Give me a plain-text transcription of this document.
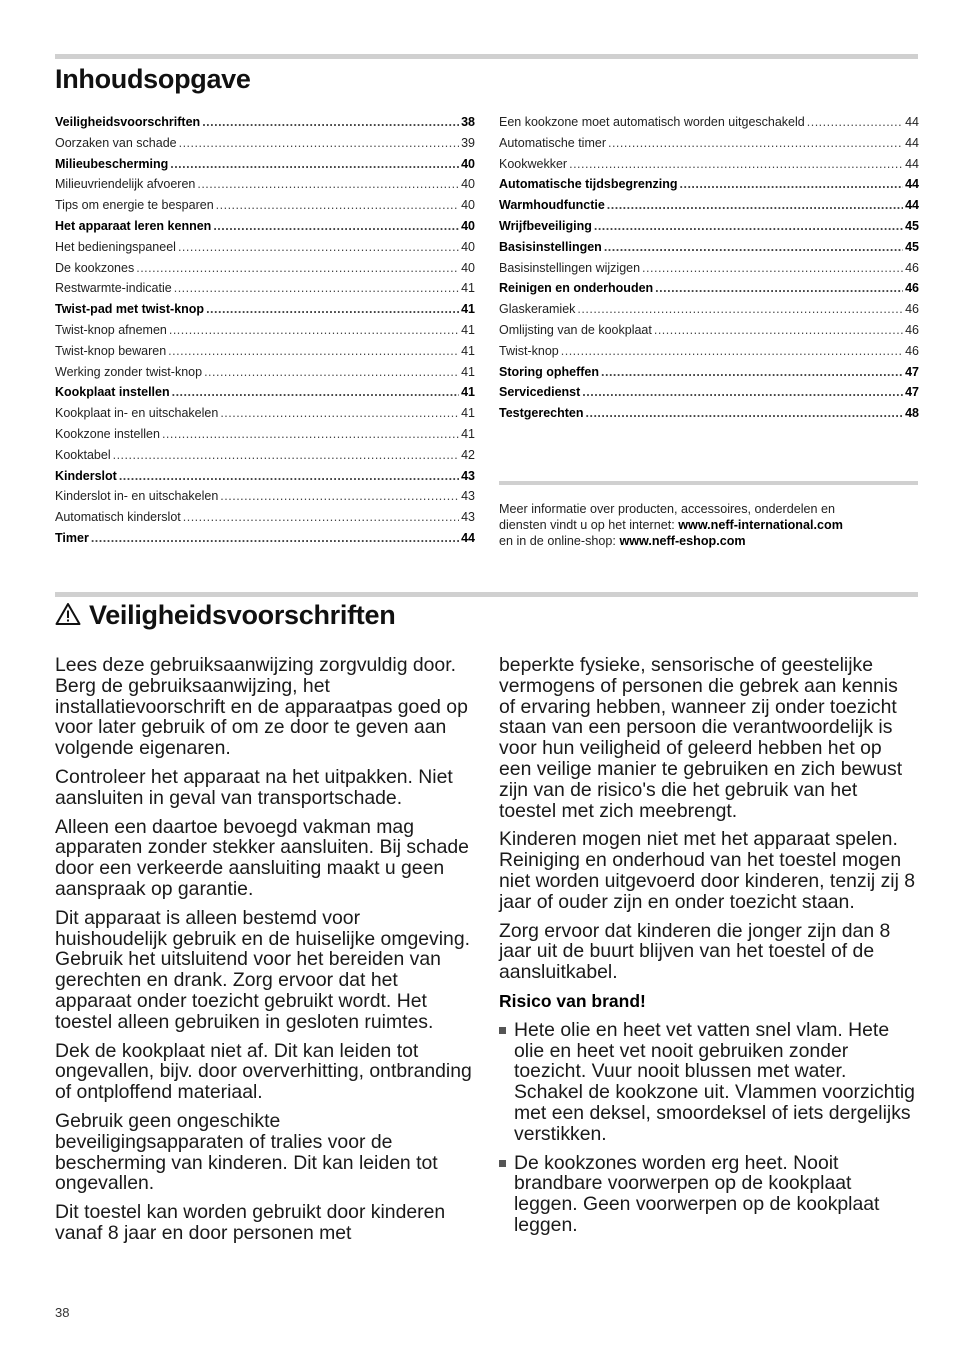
Inhoudsopgave
Veiligheidsvoorschriften .....	38
Oorzaken van schade .....	39
Milieubescherming .....	40
Milieuvriendelijk afvoeren .....	40
Tips om energie te besparen .....	40
Het apparaat leren kennen .....	40
Het bedieningspaneel .....	40
De kookzones .....	40
Restwarmte-indicatie .....	41
Twist-pad met twist-knop .....	41
Twist-knop afnemen .....	41
Twist-knop bewaren .....	41
Werking zonder twist-knop .....	41
Kookplaat instellen .....	41
Kookplaat in- en uitschakelen .....	41
Kookzone instellen .....	41
Kooktabel .....	42
Kinderslot .....	43
Kinderslot in- en uitschakelen .....	43
Automatisch kinderslot .....	43
Timer .....	44
Een kookzone moet automatisch worden uitgeschakeld .....	44
Automatische timer .....	44
Kookwekker .....	44
Automatische tijdsbegrenzing .....	44
Warmhoudfunctie .....	44
Wrijfbeveiliging .....	45
Basisinstellingen .....	45
Basisinstellingen wijzigen .....	46
Reinigen en onderhouden .....	46
Glaskeramiek .....	46
Omlijsting van de kookplaat .....	46
Twist-knop .....	46
Storing opheffen .....	47
Servicedienst .....	47
Testgerechten .....	48
Meer informatie over producten, accessoires, onderdelen en
diensten vindt u op het internet: www.neff-international.com
en in de online-shop: www.neff-eshop.com
Veiligheidsvoorschriften

Lees deze gebruiksaanwijzing zorgvuldig door. Berg de gebruiksaanwijzing, het installatievoorschrift en de apparaatpas goed op voor later gebruik of om ze door te geven aan volgende eigenaren.

Controleer het apparaat na het uitpakken. Niet aansluiten in geval van transportschade.

Alleen een daartoe bevoegd vakman mag apparaten zonder stekker aansluiten. Bij schade door een verkeerde aansluiting maakt u geen aanspraak op garantie.

Dit apparaat is alleen bestemd voor huishoudelijk gebruik en de huiselijke omgeving. Gebruik het uitsluitend voor het bereiden van gerechten en drank. Zorg ervoor dat het apparaat onder toezicht gebruikt wordt. Het toestel alleen gebruiken in gesloten ruimtes.

Dek de kookplaat niet af. Dit kan leiden tot ongevallen, bijv. door oververhitting, ontbranding of ontploffend materiaal.

Gebruik geen ongeschikte beveiligingsapparaten of tralies voor de bescherming van kinderen. Dit kan leiden tot ongevallen.

Dit toestel kan worden gebruikt door kinderen vanaf 8 jaar en door personen met

beperkte fysieke, sensorische of geestelijke vermogens of personen die gebrek aan kennis of ervaring hebben, wanneer zij onder toezicht staan van een persoon die verantwoordelijk is voor hun veiligheid of geleerd hebben het op een veilige manier te gebruiken en zich bewust zijn van de risico's die het gebruik van het toestel met zich meebrengt.

Kinderen mogen niet met het apparaat spelen. Reiniging en onderhoud van het toestel mogen niet worden uitgevoerd door kinderen, tenzij zij 8 jaar of ouder zijn en onder toezicht staan.

Zorg ervoor dat kinderen die jonger zijn dan 8 jaar uit de buurt blijven van het toestel of de aansluitkabel.

Risico van brand!
Hete olie en heet vet vatten snel vlam. Hete olie en heet vet nooit gebruiken zonder toezicht. Vuur nooit blussen met water. Schakel de kookzone uit. Vlammen voorzichtig met een deksel, smoordeksel of iets dergelijks verstikken.
De kookzones worden erg heet. Nooit brandbare voorwerpen op de kookplaat leggen. Geen voorwerpen op de kookplaat leggen.
38
